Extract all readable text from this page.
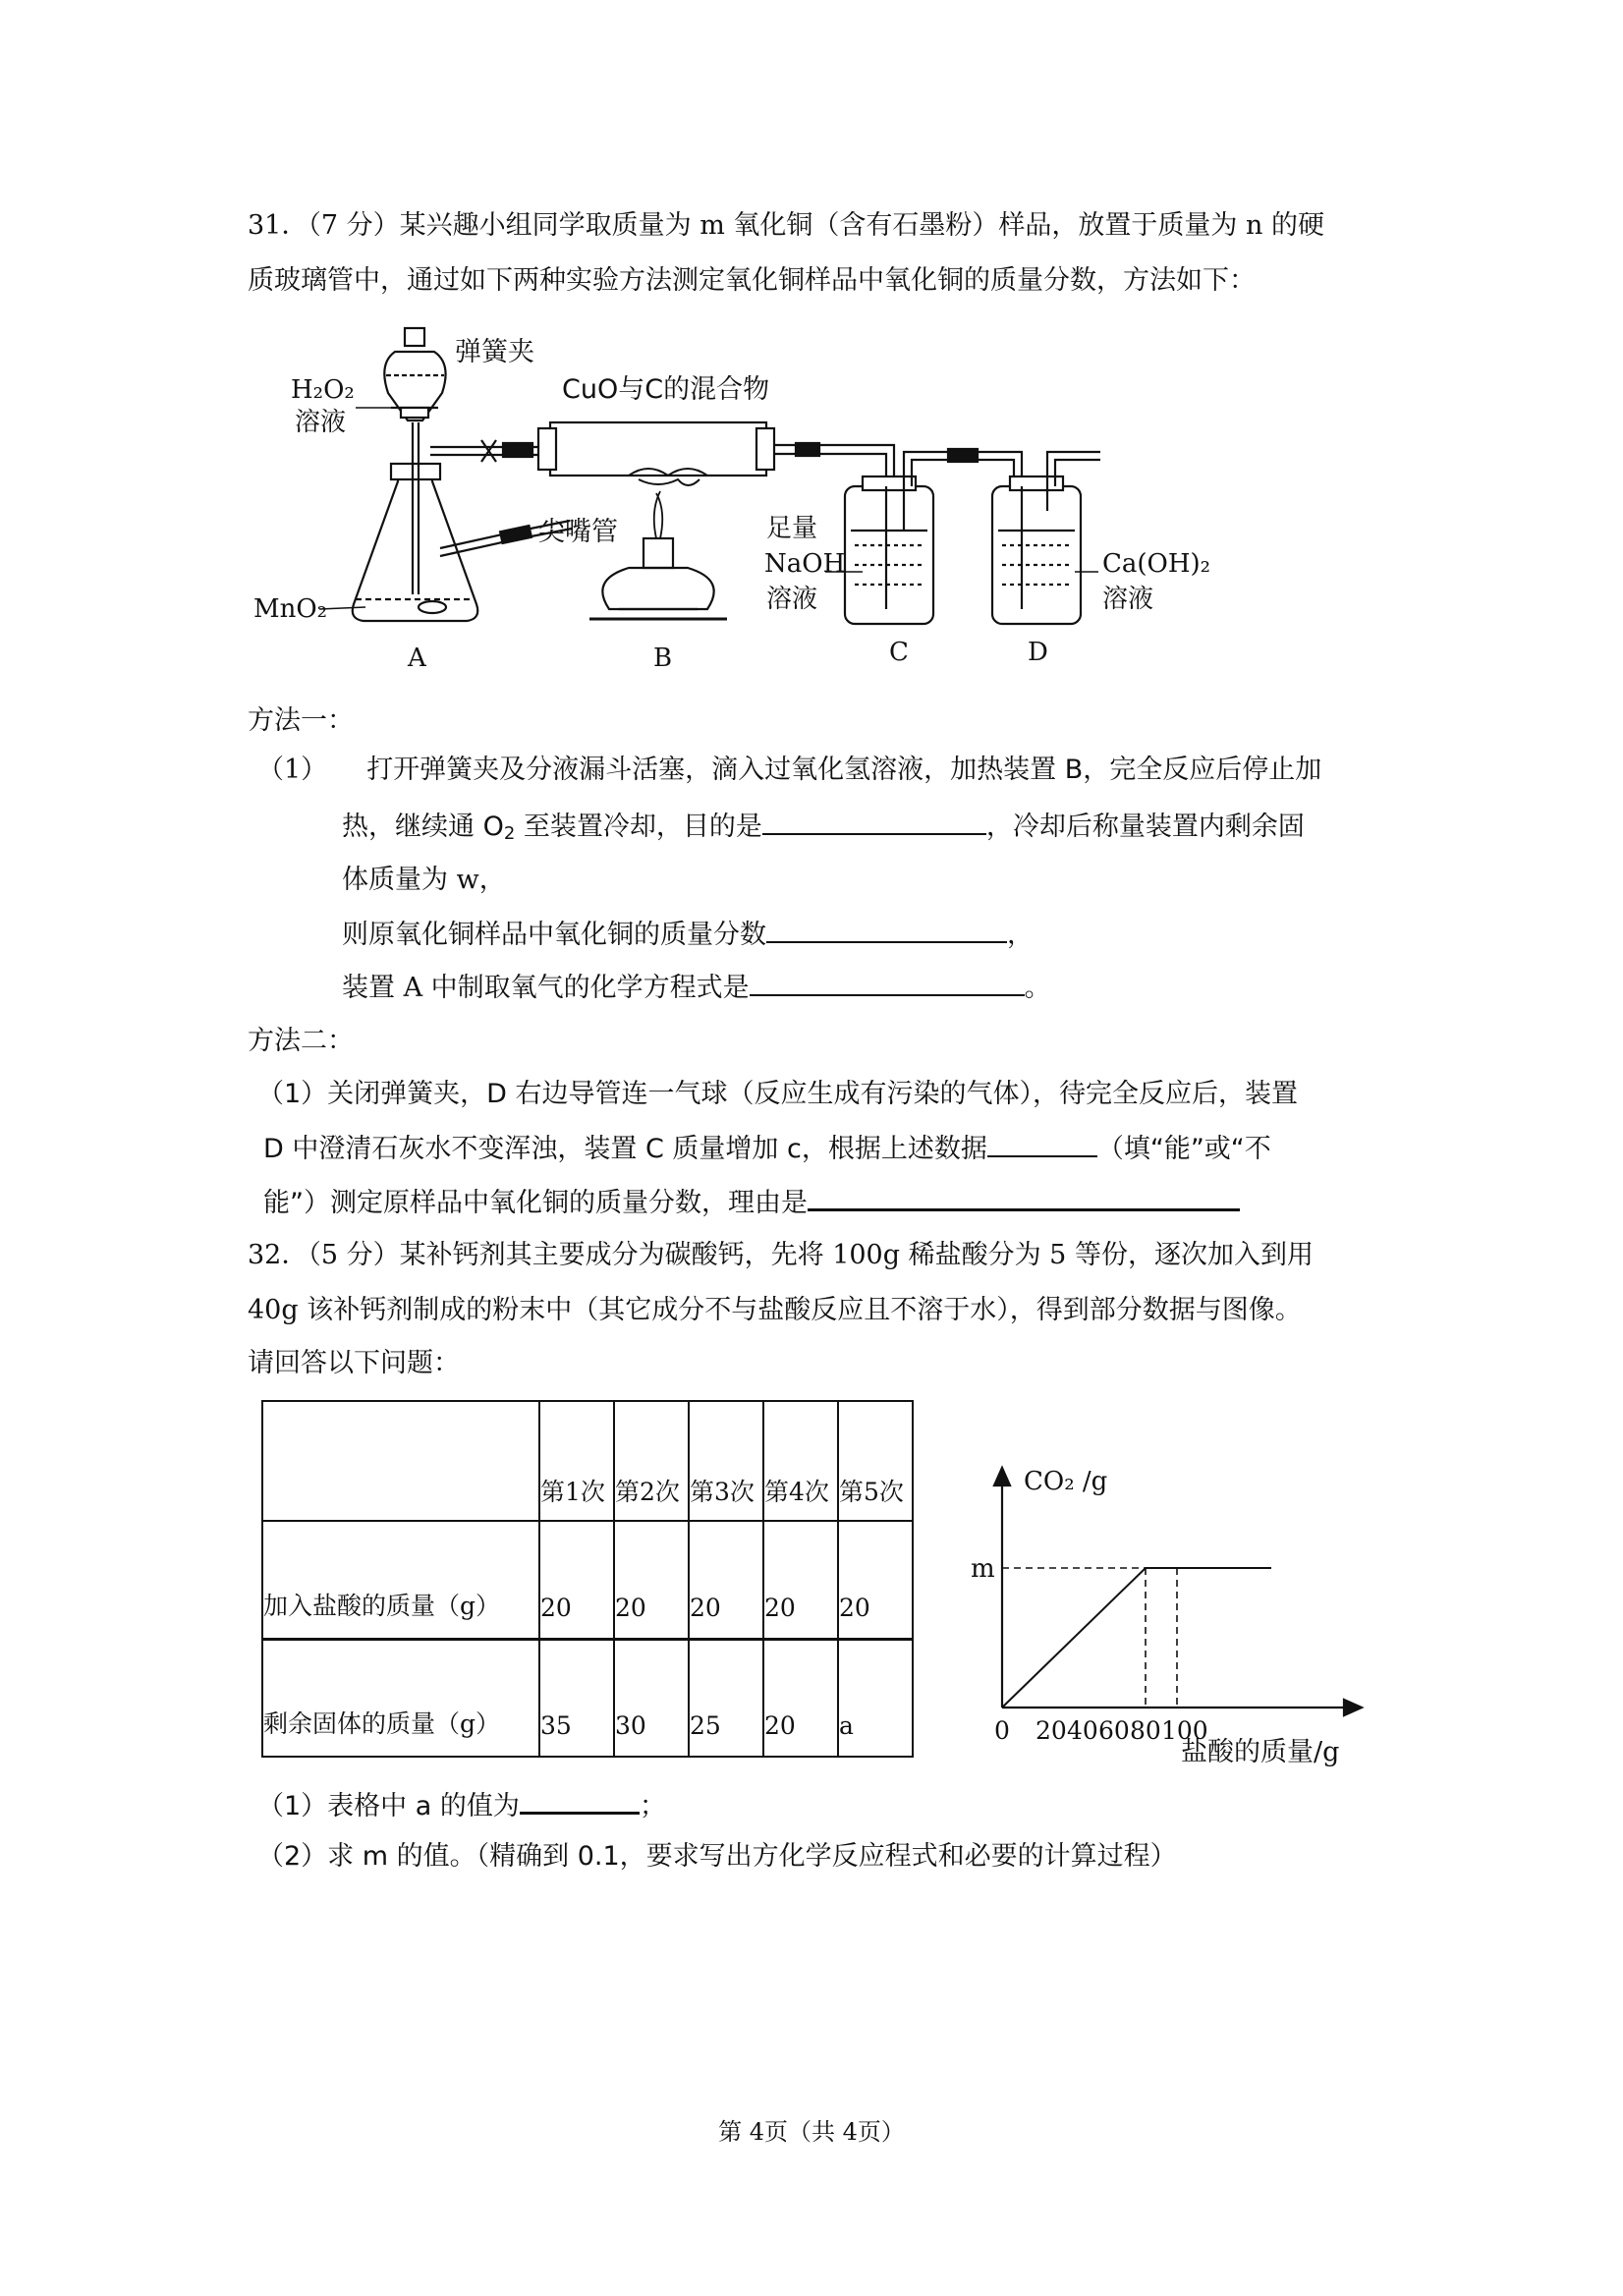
31．（7 分）某兴趣小组同学取质量为 m 氧化铜（含有石墨粉）样品，放置于质量为 n 的硬
质玻璃管中，通过如下两种实验方法测定氧化铜样品中氧化铜的质量分数，方法如下：
H₂O₂
溶液
弹簧夹
CuO与C的混合物
尖嘴管	足量
NaOH
溶液
Ca(OH)₂
溶液
MnO₂
A	B	C	D
方法一：
（1） 打开弹簧夹及分液漏斗活塞，滴入过氧化氢溶液，加热装置 B，完全反应后停止加
热，继续通 $O_2$ 至装置冷却，目的是	，冷却后称量装置内剩余固
体质量为 w，
则原氧化铜样品中氧化铜的质量分数	，
装置 A 中制取氧气的化学方程式是	。
方法二：
（1）关闭弹簧夹，D 右边导管连一气球（反应生成有污染的气体），待完全反应后，装置
D 中澄清石灰水不变浑浊，装置 C 质量增加 c，根据上述数据	（填“能”或“不
能”）测定原样品中氧化铜的质量分数，理由是
32．（5 分）某补钙剂其主要成分为碳酸钙，先将 100g 稀盐酸分为 5 等份，逐次加入到用
40g 该补钙剂制成的粉末中（其它成分不与盐酸反应且不溶于水），得到部分数据与图像。
请回答以下问题：
	第1次	第2次	第3次	第4次	第5次
加入盐酸的质量（g）	20	20	20	20	20
剩余固体的质量（g）	35	30	25	20	a
m
0 20 40 60 80 100
CO₂ /g
盐酸的质量/g
（1）表格中 a 的值为	；
（2）求 m 的值。（精确到 0.1，要求写出方化学反应程式和必要的计算过程）
第 4页（共 4页）
